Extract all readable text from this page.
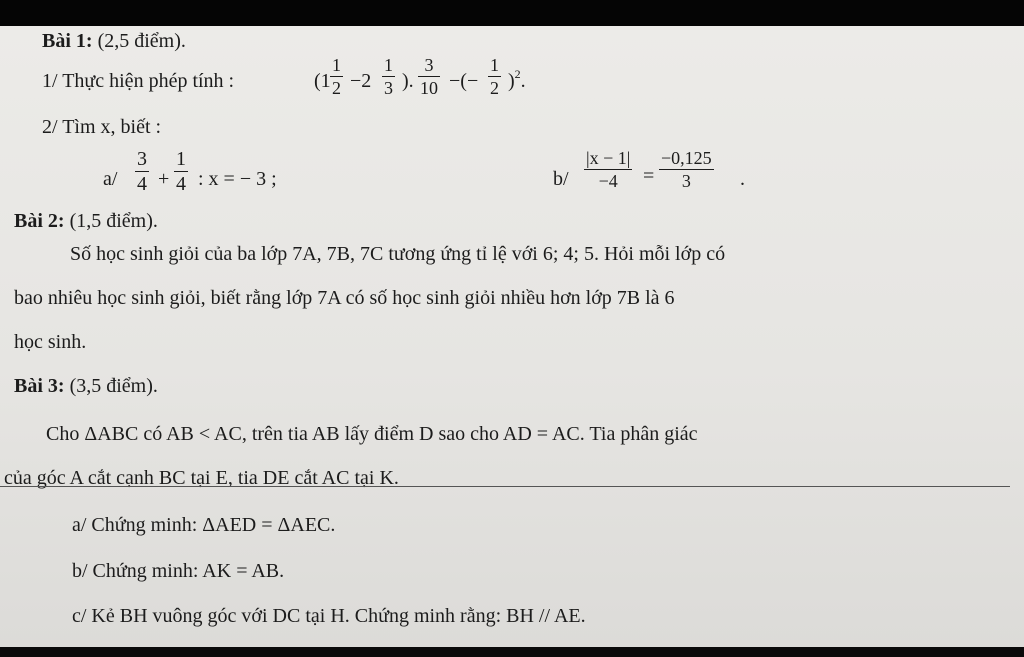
Bài 1: (2,5 điểm).
1/ Thực hiện phép tính :	(1
1
2 −2
1
3 ).
3
10 −(−
1
2 )$^2$.
2/ Tìm x, biết :
a/
3
4 +
1
4 : x = − 3 ;	b/
|x − 1|
−4	=
−0,125
3	.
Bài 2: (1,5 điểm).
Số học sinh giỏi của ba lớp 7A, 7B, 7C tương ứng tỉ lệ với 6; 4; 5. Hỏi mỗi lớp có
bao nhiêu học sinh giỏi, biết rằng lớp 7A có số học sinh giỏi nhiều hơn lớp 7B là 6
học sinh.
Bài 3: (3,5 điểm).
Cho ΔABC có AB < AC, trên tia AB lấy điểm D sao cho AD = AC. Tia phân giác
của góc A cắt cạnh BC tại E, tia DE cắt AC tại K.
a/ Chứng minh: ΔAED = ΔAEC.
b/ Chứng minh: AK = AB.
c/ Kẻ BH vuông góc với DC tại H. Chứng minh rằng: BH // AE.
